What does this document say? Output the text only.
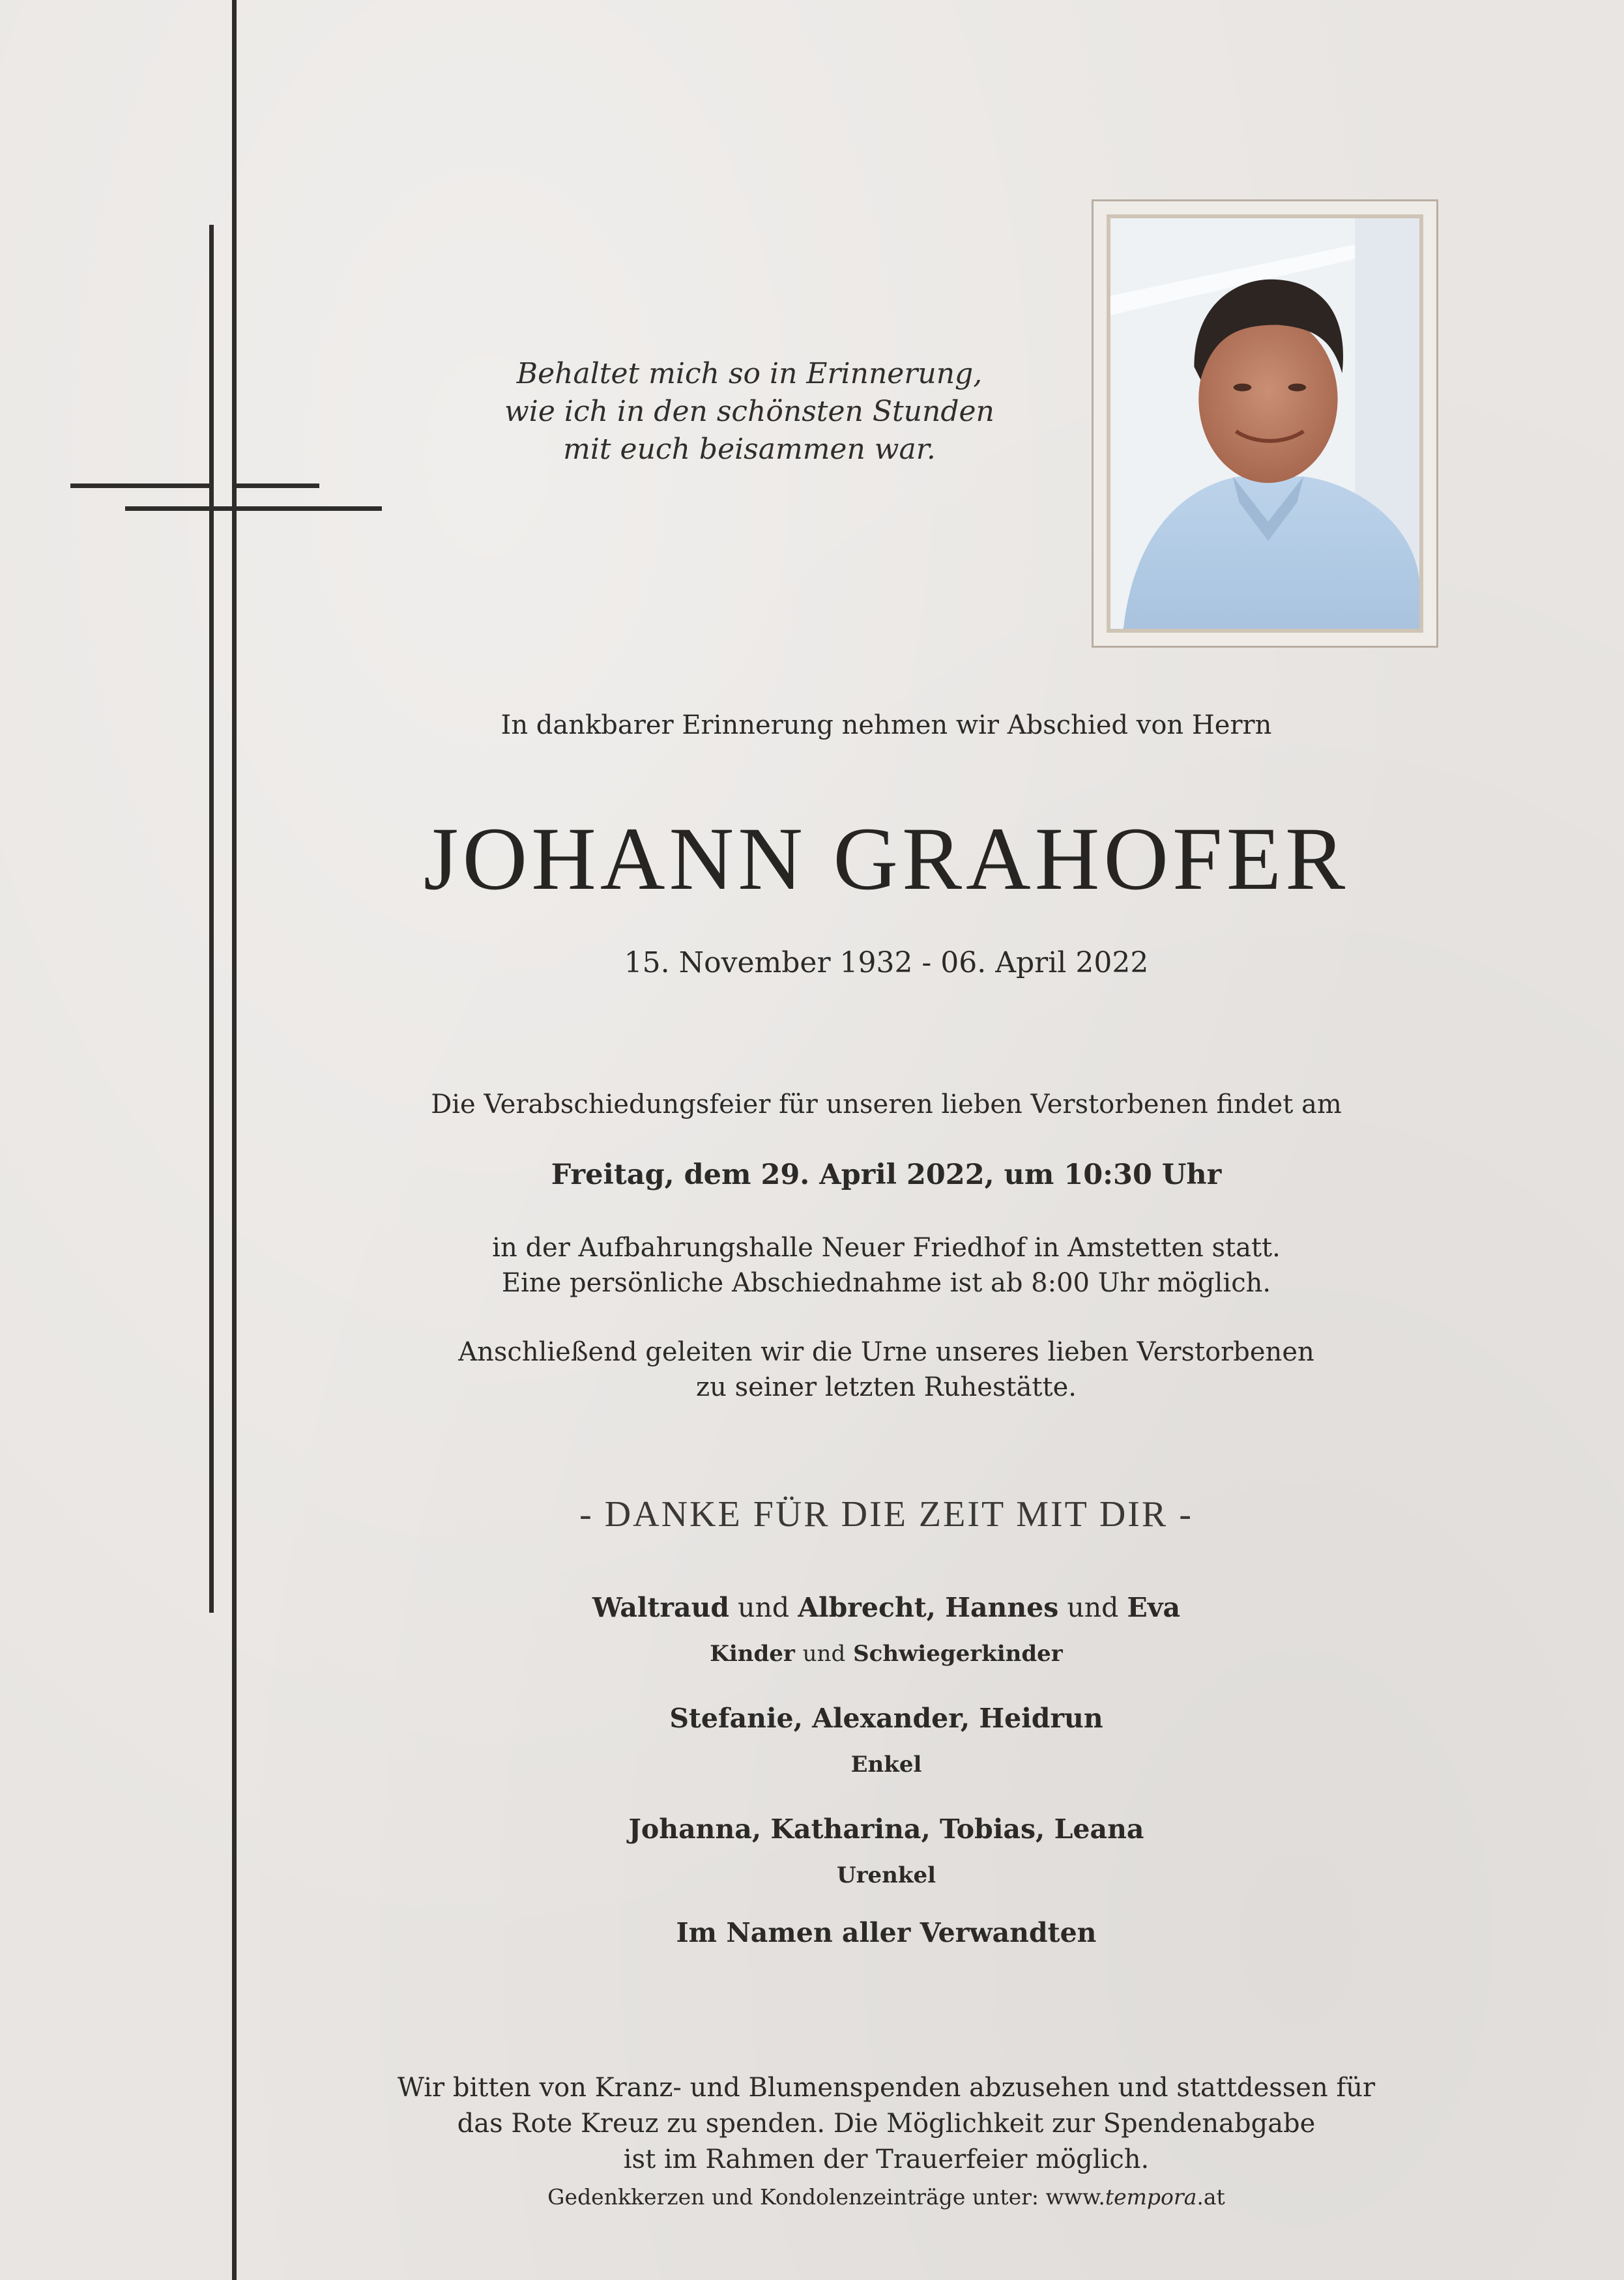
Behaltet mich so in Erinnerung,
wie ich in den schönsten Stunden
mit euch beisammen war.
In dankbarer Erinnerung nehmen wir Abschied von Herrn
JOHANN GRAHOFER
15. November 1932 - 06. April 2022
Die Verabschiedungsfeier für unseren lieben Verstorbenen findet am
Freitag, dem 29. April 2022, um 10:30 Uhr
in der Aufbahrungshalle Neuer Friedhof in Amstetten statt.
Eine persönliche Abschiednahme ist ab 8:00 Uhr möglich.
Anschließend geleiten wir die Urne unseres lieben Verstorbenen
zu seiner letzten Ruhestätte.
- DANKE FÜR DIE ZEIT MIT DIR -
Waltraud und Albrecht, Hannes und Eva
Kinder und Schwiegerkinder
Stefanie, Alexander, Heidrun
Enkel
Johanna, Katharina, Tobias, Leana
Urenkel
Im Namen aller Verwandten
Wir bitten von Kranz- und Blumenspenden abzusehen und stattdessen für
das Rote Kreuz zu spenden. Die Möglichkeit zur Spendenabgabe
ist im Rahmen der Trauerfeier möglich.
Gedenkkerzen und Kondolenzeinträge unter: www.tempora.at
